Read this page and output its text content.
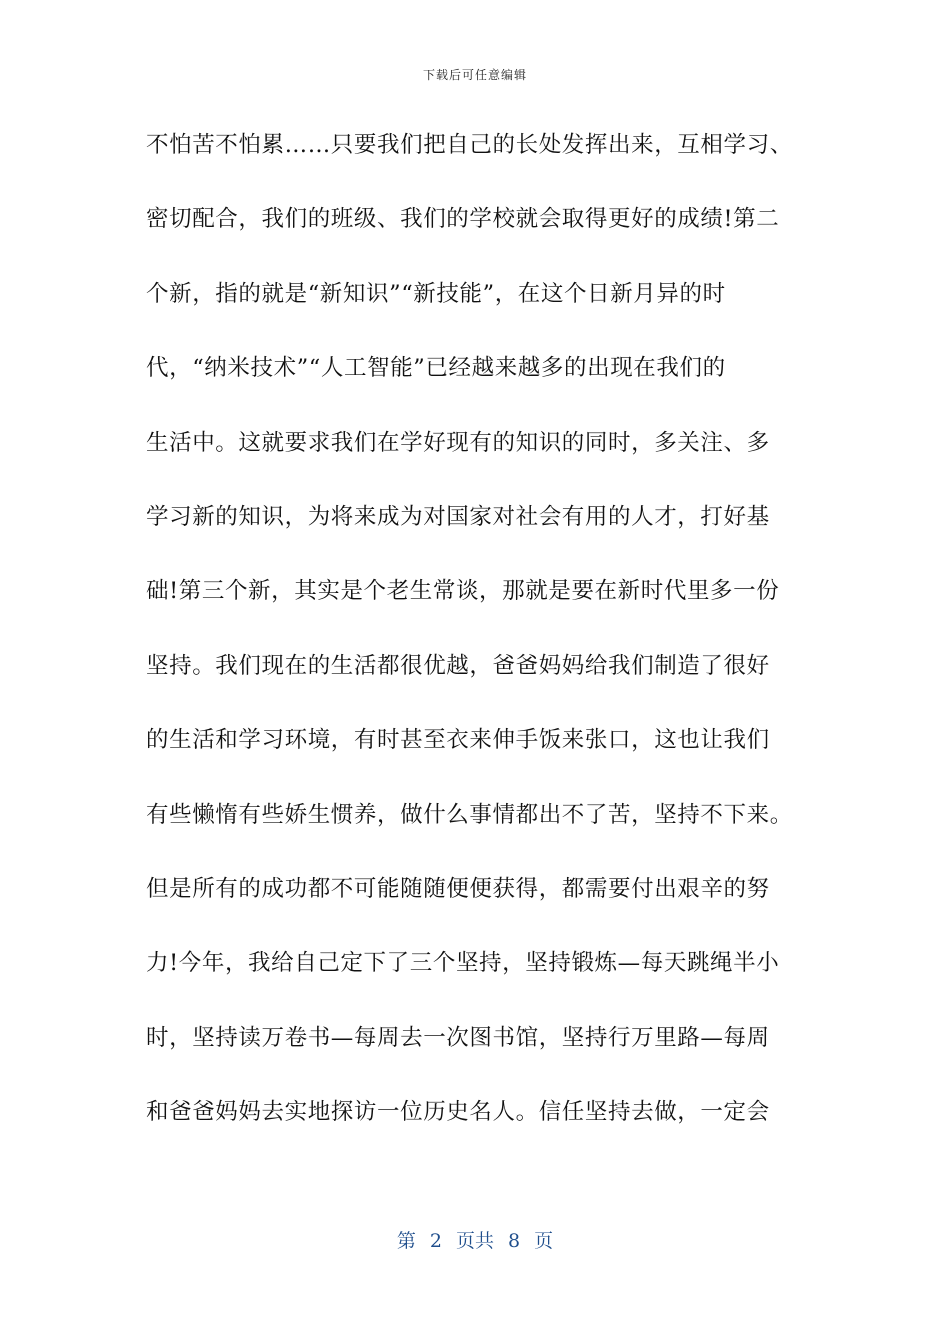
下载后可任意编辑
不怕苦不怕累……只要我们把自己的长处发挥出来，互相学习、
密切配合，我们的班级、我们的学校就会取得更好的成绩!第二
个新，指的就是“新知识”“新技能”，在这个日新月异的时
代，“纳米技术”“人工智能”已经越来越多的出现在我们的
生活中。这就要求我们在学好现有的知识的同时，多关注、多
学习新的知识，为将来成为对国家对社会有用的人才，打好基
础!第三个新，其实是个老生常谈，那就是要在新时代里多一份
坚持。我们现在的生活都很优越，爸爸妈妈给我们制造了很好
的生活和学习环境，有时甚至衣来伸手饭来张口，这也让我们
有些懒惰有些娇生惯养，做什么事情都出不了苦，坚持不下来。
但是所有的成功都不可能随随便便获得，都需要付出艰辛的努
力!今年，我给自己定下了三个坚持，坚持锻炼—每天跳绳半小
时，坚持读万卷书—每周去一次图书馆，坚持行万里路—每周
和爸爸妈妈去实地探访一位历史名人。信任坚持去做，一定会
第 2 页共 8 页
